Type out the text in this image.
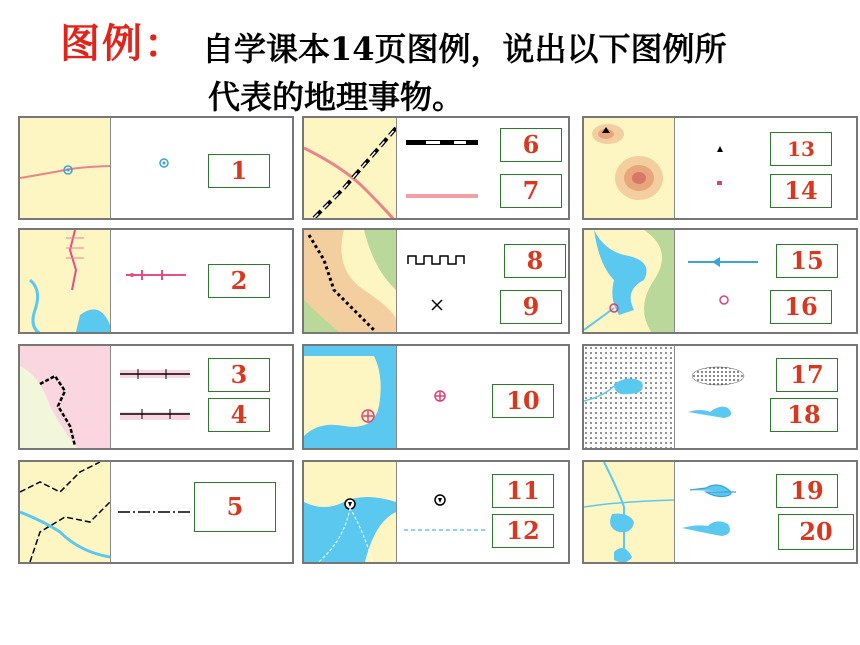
图例： 自学课本14页图例，说出以下图例所
代表的地理事物。
1
6
7
13
14
2
8
9
15
16
3
4	10
17
18
5
11
12
19
20
